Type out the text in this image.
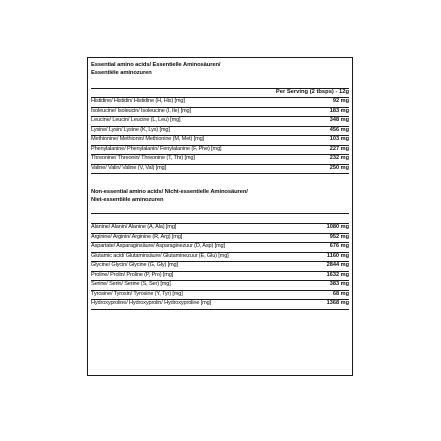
Essential amino acids/ Essentielle Aminosäuren/
Essentiële aminozuren
Per Serving (2 tbsps) - 12g
Histidine/ Histidin/ Histidine (H, His) [mg]	92 mg
Isoleucine/ Isoleucin/ Isoleucine (I, Ile) [mg]	183 mg
Leucine/ Leucin/ Leucine (L, Leu) [mg]	348 mg
Lysine/ Lysin/ Lysine (K, Lys) [mg]	456 mg
Methionine/ Methionin/ Methionine (M, Met) [mg]	103 mg
Phenylalanine/ Phenylalanin/ Fenylalanine (F, Phe) [mg]	227 mg
Threonine/ Threonin/ Threonine (T, Thr) [mg]	232 mg
Valine/ Valin/ Valine (V, Val) [mg]	250 mg
Non-essential amino acids/ Nicht-essentielle Aminosäuren/
Niet-essentiële aminozuren
Alanine/ Alanin/ Alanine (A, Ala) [mg]	1080 mg
Arginine/ Arginin/ Arginine (R, Arg) [mg]	952 mg
Aspartate/ Asparaginsäure/ Asparaginezuur (D, Asp) [mg]	676 mg
Glutamic acid/ Glutaminsäure/ Glutaminezuur (E, Glu) [mg]	1160 mg
Glycine/ Glycin/ Glycine (G, Gly) [mg]	2844 mg
Proline/ Prolin/ Proline (P, Pro) [mg]	1632 mg
Serine/ Serin/ Serine (S, Ser) [mg]	383 mg
Tyrosine/ Tyrosin/ Tyrosine (Y, Tyr) [mg]	68 mg
Hydroxyproline/ Hydroxyprolin/ Hydroxyproline [mg]	1368 mg
